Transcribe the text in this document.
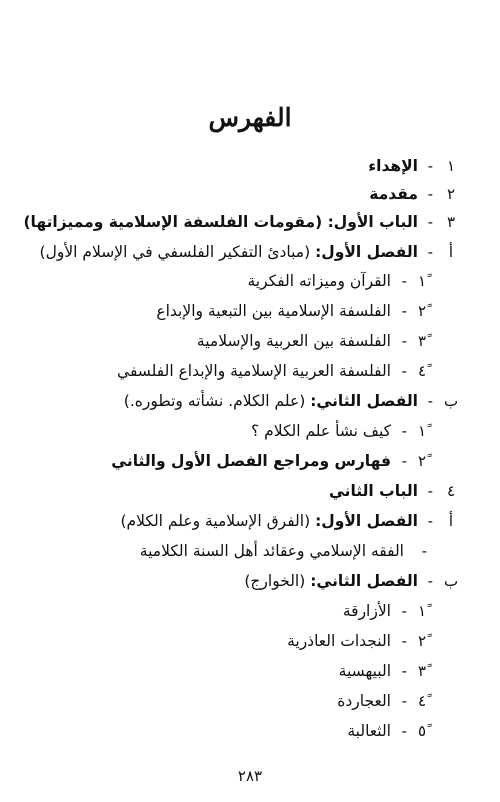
الفهرس
١
-
الإهداء
٢
-
مقدمة
٣
-
الباب الأول: (مقومات الفلسفة الإسلامية ومميزاتها)
أ
-
الفصل الأول: (مبادئ التفكير الفلسفي في الإسلام الأول)
١ً
-
القرآن وميزاته الفكرية
٢ً
-
الفلسفة الإسلامية بين التبعية والإبداع
٣ً
-
الفلسفة بين العربية والإسلامية
٤ً
-
الفلسفة العربية الإسلامية والإبداع الفلسفي
ب
-
الفصل الثاني: (علم الكلام. نشأته وتطوره.)
١ً
-
كيف نشأ علم الكلام ؟
٢ً
-
فهارس ومراجع الفصل الأول والثاني
٤
-
الباب الثاني
أ
-
الفصل الأول: (الفرق الإسلامية وعلم الكلام)
-
الفقه الإسلامي وعقائد أهل السنة الكلامية
ب
-
الفصل الثاني: (الخوارج)
١ً
-
الأزارقة
٢ً
-
النجدات العاذرية
٣ً
-
البيهسية
٤ً
-
العجاردة
٥ً
-
الثعالبة
٢٨٣
